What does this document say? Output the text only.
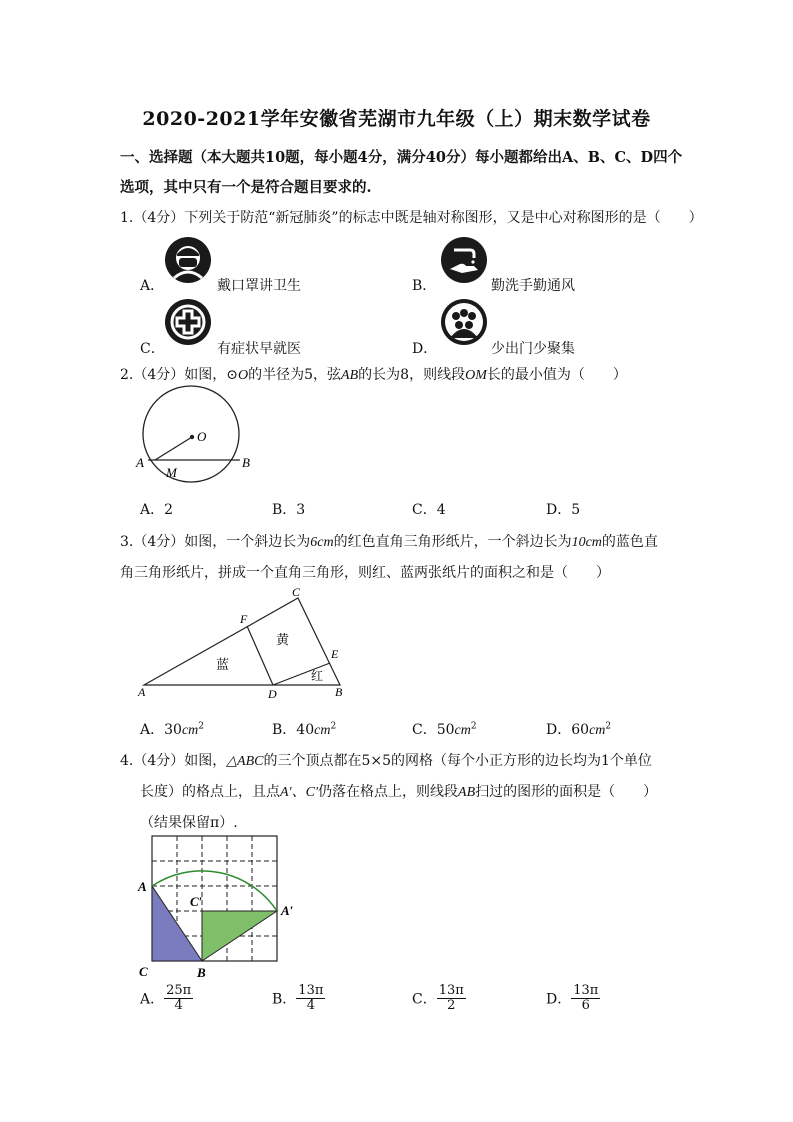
2020-2021学年安徽省芜湖市九年级（上）期末数学试卷
一、选择题（本大题共10题，每小题4分，满分40分）每小题都给出A、B、C、D四个
选项，其中只有一个是符合题目要求的.
1.（4分）下列关于防范“新冠肺炎”的标志中既是轴对称图形，又是中心对称图形的是（　　）
A．	戴口罩讲卫生	B．	勤洗手勤通风
C．	有症状早就医	D．	少出门少聚集
2.（4分）如图，⊙O的半径为5，弦AB的长为8，则线段OM长的最小值为（　　）
O
A	B
M
A．2	B．3	C．4	D．5
3.（4分）如图，一个斜边长为6cm的红色直角三角形纸片，一个斜边长为10cm的蓝色直
角三角形纸片，拼成一个直角三角形，则红、蓝两张纸片的面积之和是（　　）
A	B
C
D
E
F
黄
蓝
红
A．$30cm^2$	B．$40cm^2$	C．$50cm^2$	D．$60cm^2$
4.（4分）如图，△ABC的三个顶点都在5×5的网格（每个小正方形的边长均为1个单位
长度）的格点上，且点A′、C′仍落在格点上，则线段AB扫过的图形的面积是（　　）
（结果保留π）.
A
A′
C′
C	B
A． $\frac{25\pi}{4}$	B． $\frac{13\pi}{4}$	C． $\frac{13\pi}{2}$	D． $\frac{13\pi}{6}$
